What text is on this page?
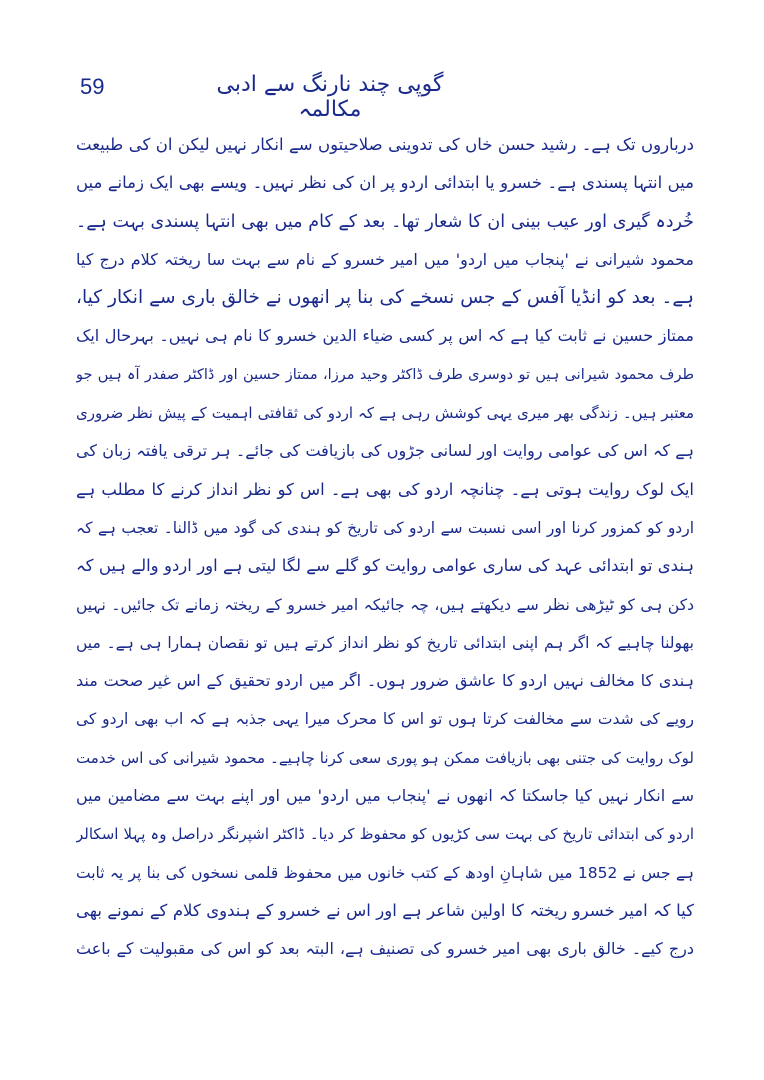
59	گوپی چند نارنگ سے ادبی مکالمہ
درباروں تک ہے۔ رشید حسن خاں کی تدوینی صلاحیتوں سے انکار نہیں لیکن ان کی طبیعت
میں انتہا پسندی ہے۔ خسرو یا ابتدائی اردو پر ان کی نظر نہیں۔ ویسے بھی ایک زمانے میں
خُردہ گیری اور عیب بینی ان کا شعار تھا۔ بعد کے کام میں بھی انتہا پسندی بہت ہے۔
محمود شیرانی نے 'پنجاب میں اردو' میں امیر خسرو کے نام سے بہت سا ریختہ کلام درج کیا
ہے۔ بعد کو انڈیا آفس کے جس نسخے کی بنا پر انھوں نے خالق باری سے انکار کیا،
ممتاز حسین نے ثابت کیا ہے کہ اس پر کسی ضیاء الدین خسرو کا نام ہی نہیں۔ بہرحال ایک
طرف محمود شیرانی ہیں تو دوسری طرف ڈاکٹر وحید مرزا، ممتاز حسین اور ڈاکٹر صفدر آہ ہیں جو
معتبر ہیں۔ زندگی بھر میری یہی کوشش رہی ہے کہ اردو کی ثقافتی اہمیت کے پیش نظر ضروری
ہے کہ اس کی عوامی روایت اور لسانی جڑوں کی بازیافت کی جائے۔ ہر ترقی یافتہ زبان کی
ایک لوک روایت ہوتی ہے۔ چنانچہ اردو کی بھی ہے۔ اس کو نظر انداز کرنے کا مطلب ہے
اردو کو کمزور کرنا اور اسی نسبت سے اردو کی تاریخ کو ہندی کی گود میں ڈالنا۔ تعجب ہے کہ
ہندی تو ابتدائی عہد کی ساری عوامی روایت کو گلے سے لگا لیتی ہے اور اردو والے ہیں کہ
دکن ہی کو ٹیڑھی نظر سے دیکھتے ہیں، چہ جائیکہ امیر خسرو کے ریختہ زمانے تک جائیں۔ نہیں
بھولنا چاہیے کہ اگر ہم اپنی ابتدائی تاریخ کو نظر انداز کرتے ہیں تو نقصان ہمارا ہی ہے۔ میں
ہندی کا مخالف نہیں اردو کا عاشق ضرور ہوں۔ اگر میں اردو تحقیق کے اس غیر صحت مند
رویے کی شدت سے مخالفت کرتا ہوں تو اس کا محرک میرا یہی جذبہ ہے کہ اب بھی اردو کی
لوک روایت کی جتنی بھی بازیافت ممکن ہو پوری سعی کرنا چاہیے۔ محمود شیرانی کی اس خدمت
سے انکار نہیں کیا جاسکتا کہ انھوں نے 'پنجاب میں اردو' میں اور اپنے بہت سے مضامین میں
اردو کی ابتدائی تاریخ کی بہت سی کڑیوں کو محفوظ کر دیا۔ ڈاکٹر اشپرنگر دراصل وہ پہلا اسکالر
ہے جس نے 1852 میں شاہانِ اودھ کے کتب خانوں میں محفوظ قلمی نسخوں کی بنا پر یہ ثابت
کیا کہ امیر خسرو ریختہ کا اولین شاعر ہے اور اس نے خسرو کے ہندوی کلام کے نمونے بھی
درج کیے۔ خالق باری بھی امیر خسرو کی تصنیف ہے، البتہ بعد کو اس کی مقبولیت کے باعث
